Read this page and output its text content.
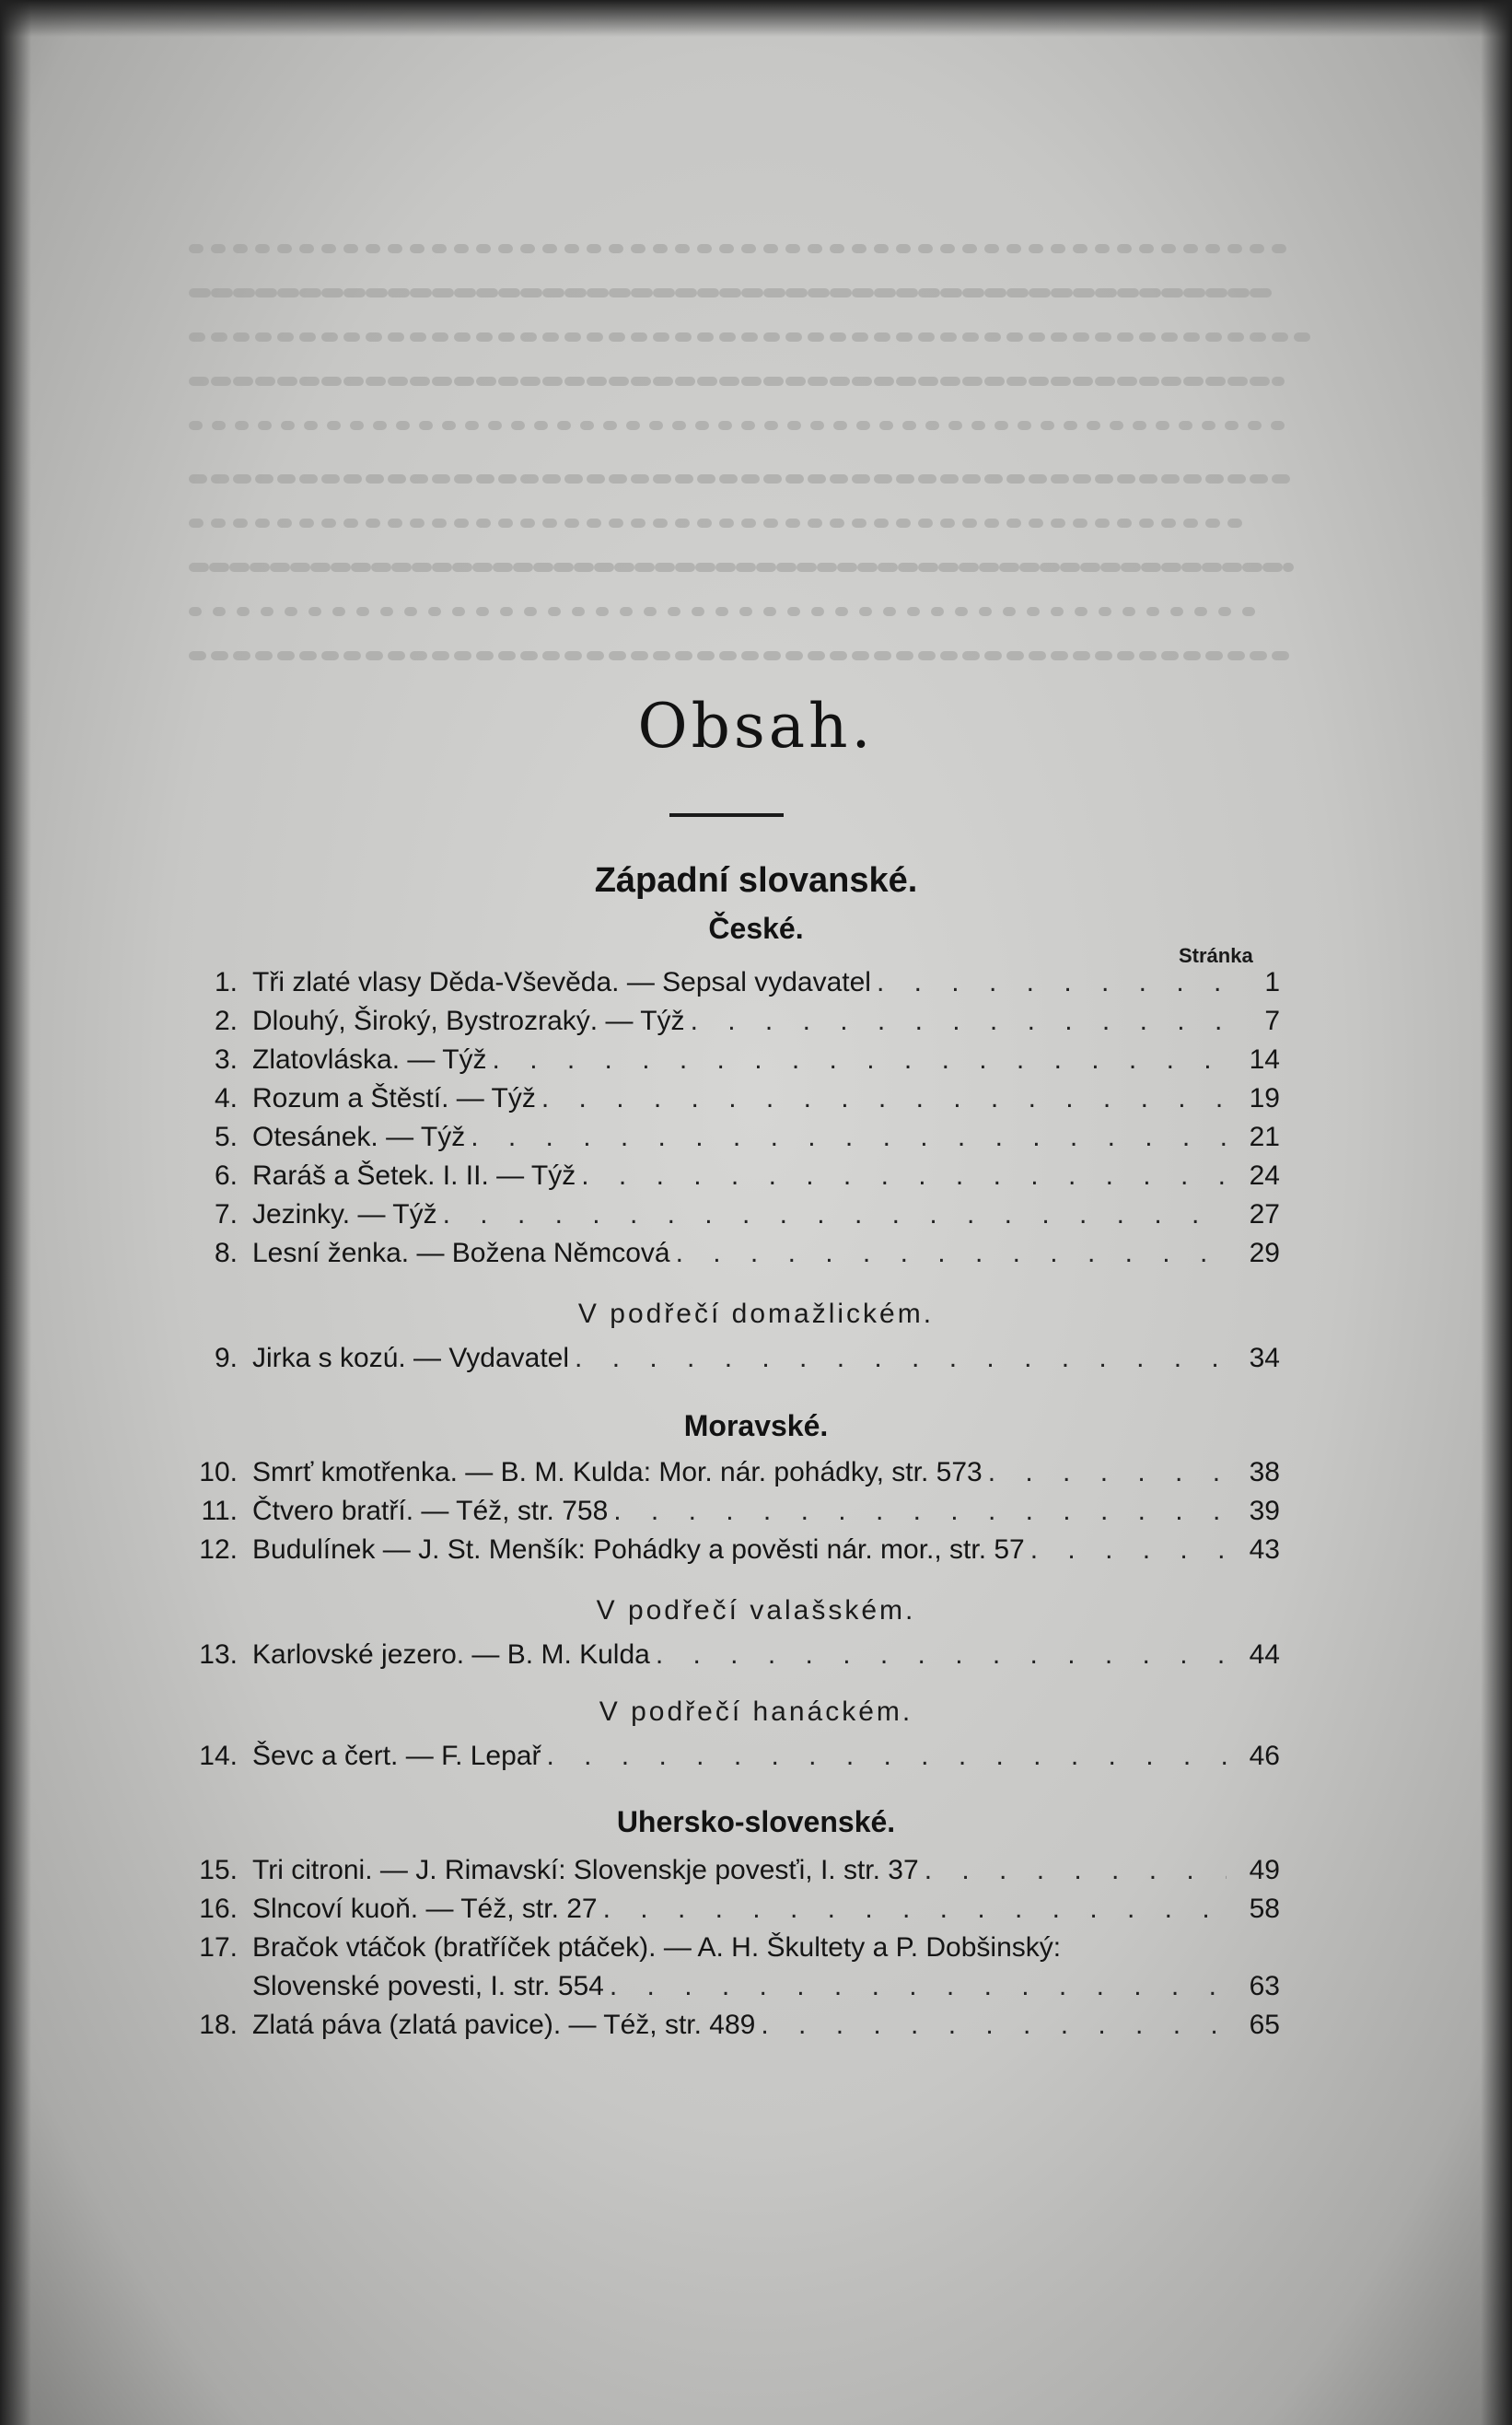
Obsah.
Západní slovanské.
České.
Stránka
1. Tři zlaté vlasy Děda-Vševěda. — Sepsal vydavatel . . .	1
2. Dlouhý, Široký, Bystrozraký. — Týž . . .	7
3. Zlatovláska. — Týž . . .	14
4. Rozum a Štěstí. — Týž . . .	19
5. Otesánek. — Týž . . .	21
6. Raráš a Šetek. I. II. — Týž . . .	24
7. Jezinky. — Týž . . .	27
8. Lesní ženka. — Božena Němcová . . .	29
V podřečí domažlickém.
9. Jirka s kozú. — Vydavatel . . .	34
Moravské.
10. Smrť kmotřenka. — B. M. Kulda: Mor. nár. pohádky, str. 573 . . .	38
11. Čtvero bratří. — Též, str. 758 . . .	39
12. Budulínek — J. St. Menšík: Pohádky a pověsti nár. mor., str. 57 . . .	43
V podřečí valašském.
13. Karlovské jezero. — B. M. Kulda . . .	44
V podřečí hanáckém.
14. Ševc a čert. — F. Lepař . . .	46
Uhersko-slovenské.
15. Tri citroni. — J. Rimavskí: Slovenskje povesťi, I. str. 37 . . .	49
16. Slncoví kuoň. — Též, str. 27 . . .	58
17. Bračok vtáčok (bratříček ptáček). — A. H. Škultety a P. Dobšinský:
Slovenské povesti, I. str. 554 . . .	63
18. Zlatá páva (zlatá pavice). — Též, str. 489 . . .	65
